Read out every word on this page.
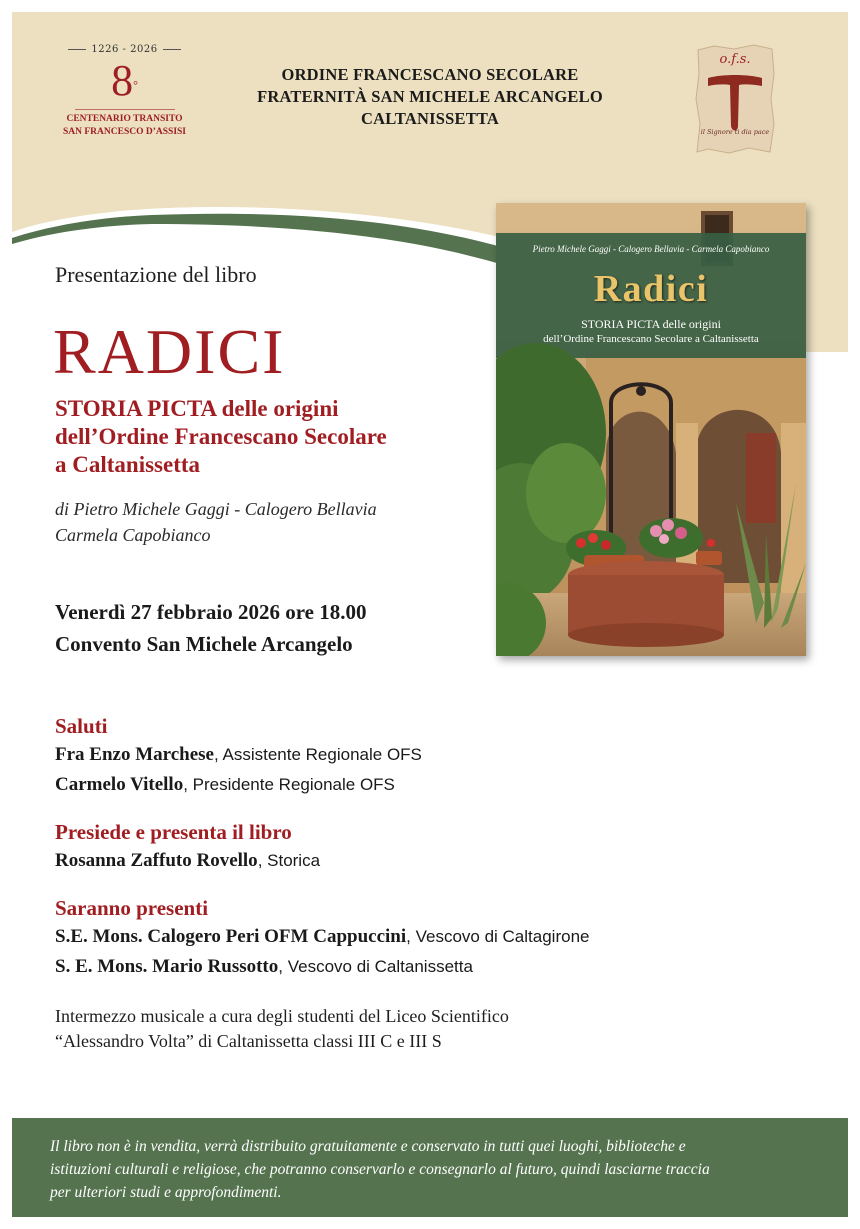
1226 - 2026
8°
CENTENARIO TRANSITO
SAN FRANCESCO D’ASSISI
ORDINE FRANCESCANO SECOLARE
FRATERNITÀ SAN MICHELE ARCANGELO
CALTANISSETTA
o.f.s.
il Signore ti dia pace
Presentazione del libro
RADICI
STORIA PICTA delle origini
dell’Ordine Francescano Secolare
a Caltanissetta
di Pietro Michele Gaggi - Calogero Bellavia
Carmela Capobianco
Venerdì 27 febbraio 2026 ore 18.00
Convento San Michele Arcangelo
Pietro Michele Gaggi - Calogero Bellavia - Carmela Capobianco
Radici
STORIA PICTA delle origini
dell’Ordine Francescano Secolare a Caltanissetta
Saluti
Fra Enzo Marchese, Assistente Regionale OFS
Carmelo Vitello, Presidente Regionale OFS
Presiede e presenta il libro
Rosanna Zaffuto Rovello, Storica
Saranno presenti
S.E. Mons. Calogero Peri OFM Cappuccini, Vescovo di Caltagirone
S. E. Mons. Mario Russotto, Vescovo di Caltanissetta
Intermezzo musicale a cura degli studenti del Liceo Scientifico
“Alessandro Volta” di Caltanissetta classi III C e III S
Il libro non è in vendita, verrà distribuito gratuitamente e conservato in tutti quei luoghi, biblioteche e
istituzioni culturali e religiose, che potranno conservarlo e consegnarlo al futuro, quindi lasciarne traccia
per ulteriori studi e approfondimenti.
